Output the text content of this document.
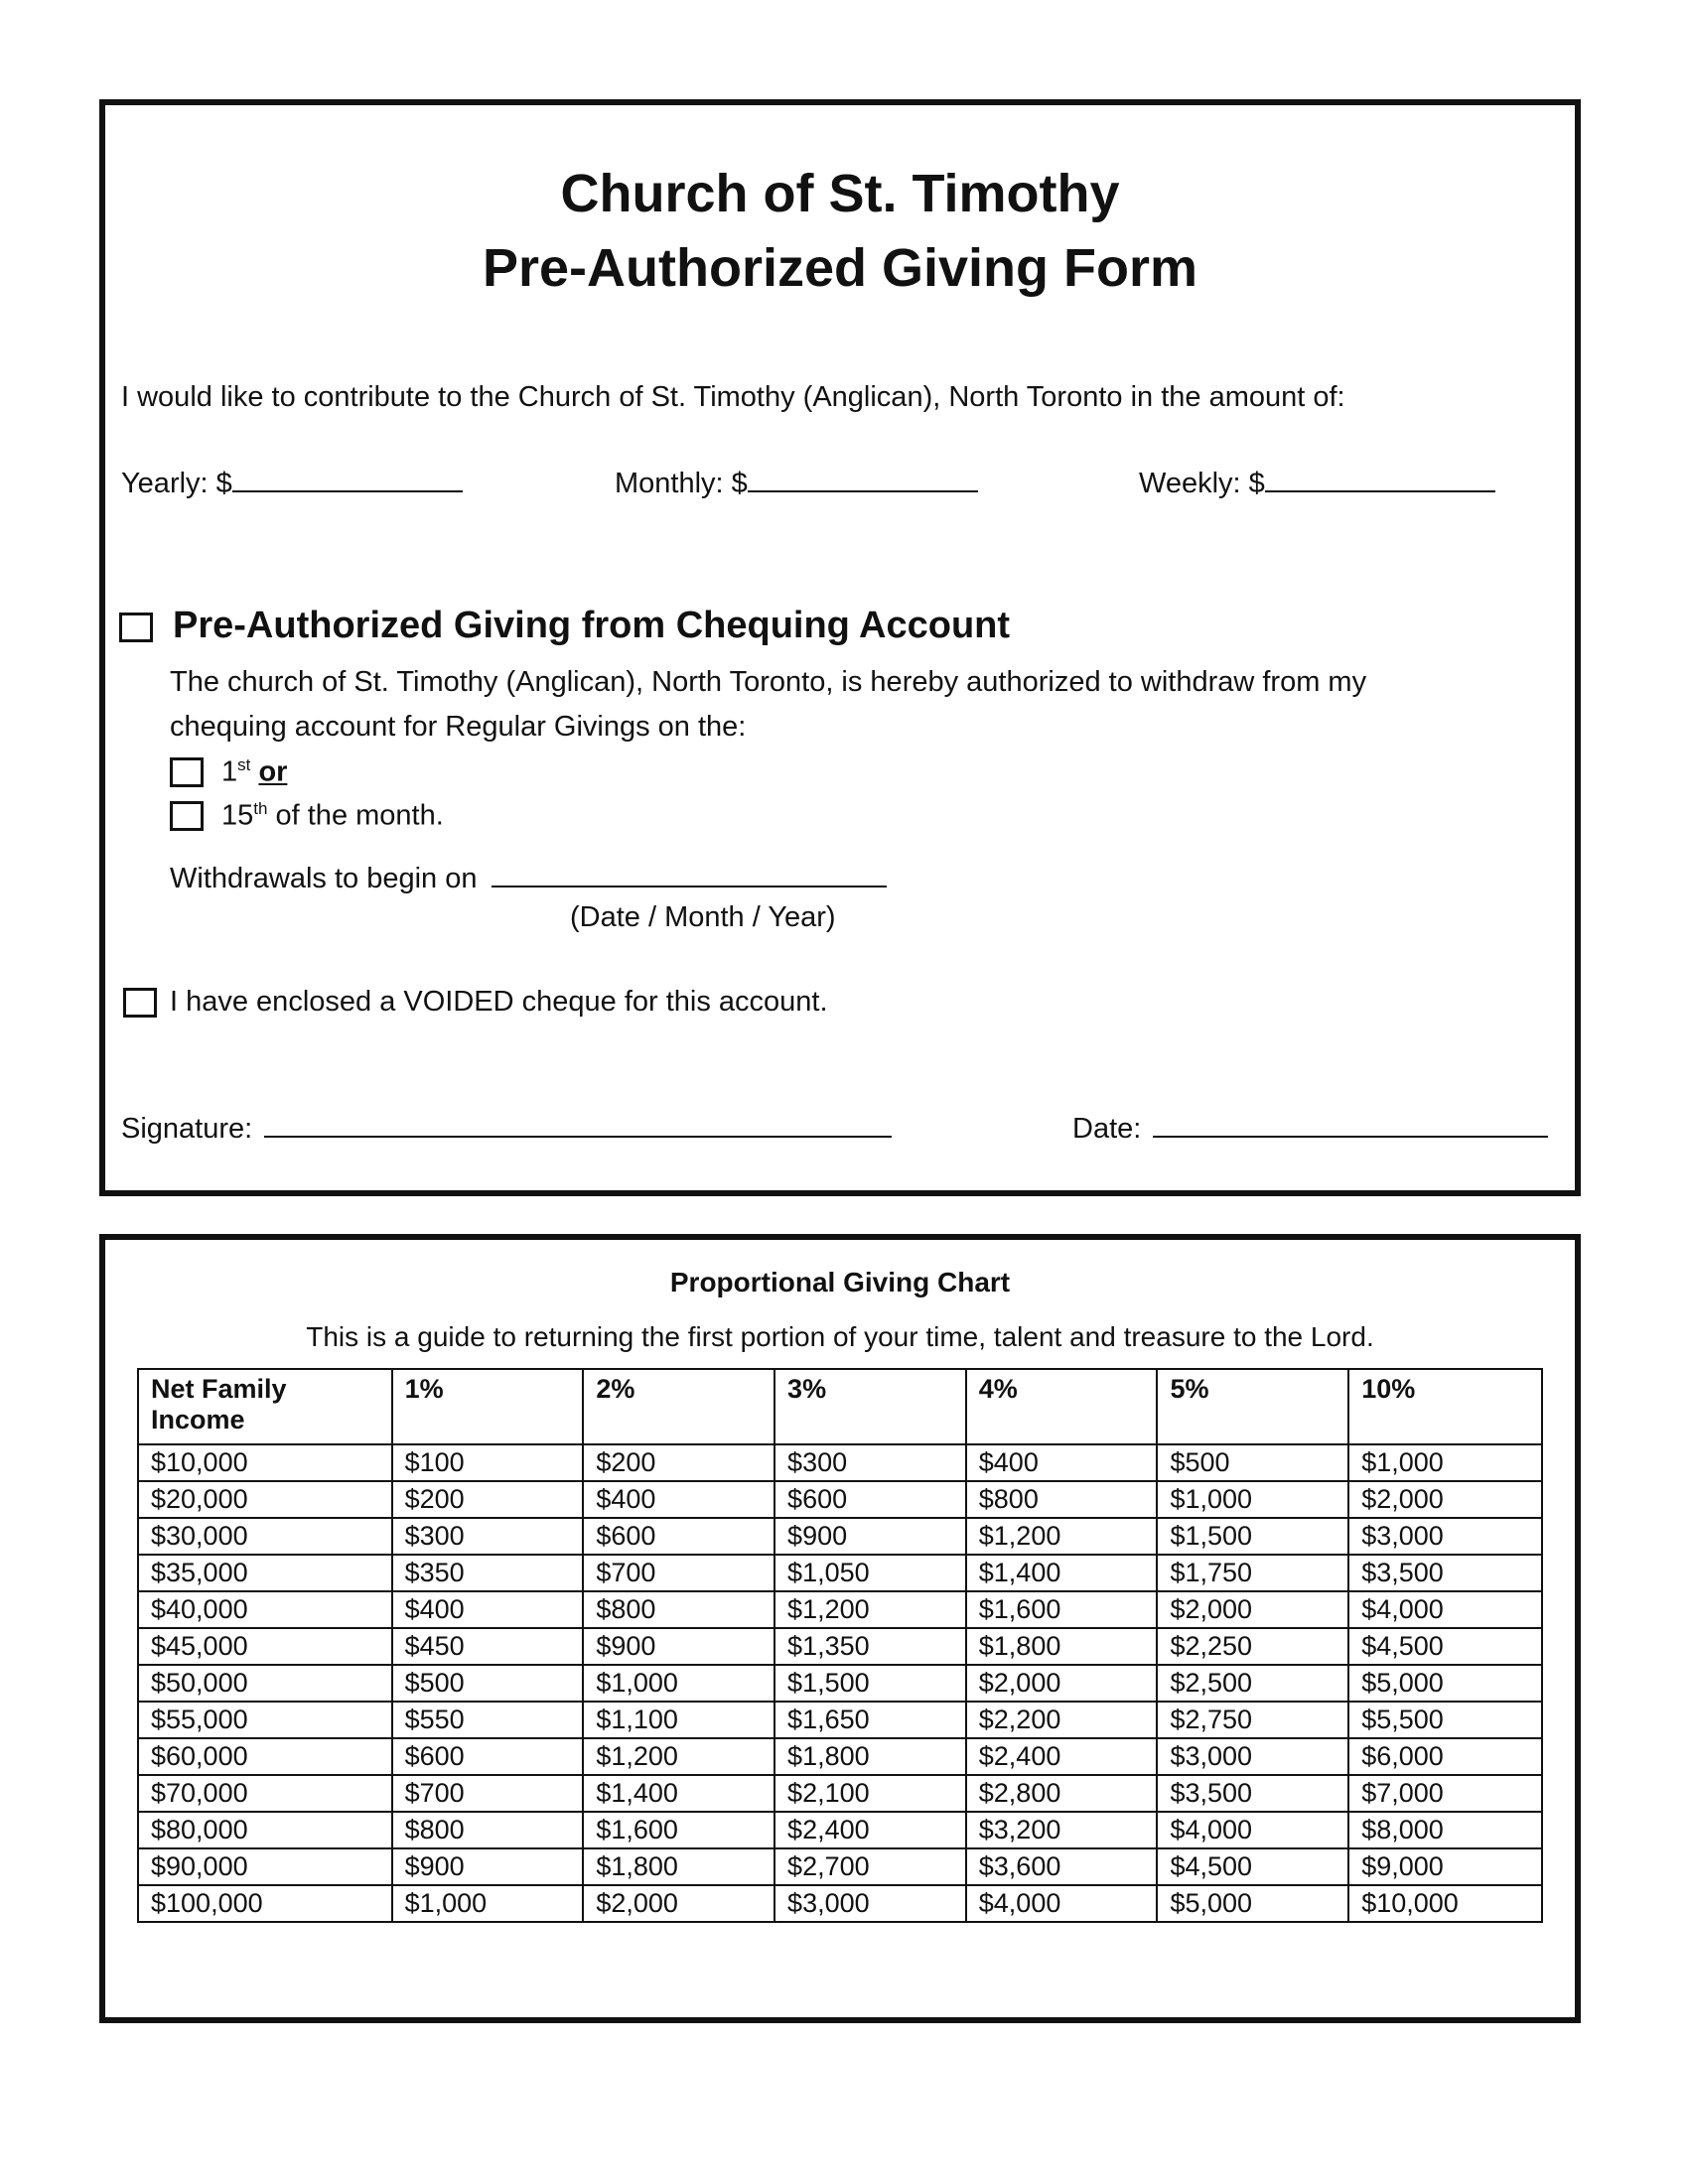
Church of St. Timothy
Pre-Authorized Giving Form
I would like to contribute to the Church of St. Timothy (Anglican), North Toronto in the amount of:
Yearly: $	Monthly: $	Weekly: $
Pre-Authorized Giving from Chequing Account
The church of St. Timothy (Anglican), North Toronto, is hereby authorized to withdraw from my
chequing account for Regular Givings on the:
1st or
15th of the month.
Withdrawals to begin on
(Date / Month / Year)
I have enclosed a VOIDED cheque for this account.
Signature:	Date:
Proportional Giving Chart
This is a guide to returning the first portion of your time, talent and treasure to the Lord.
Net Family Income	1%	2%	3%	4%	5%	10%
$10,000	$100	$200	$300	$400	$500	$1,000
$20,000	$200	$400	$600	$800	$1,000	$2,000
$30,000	$300	$600	$900	$1,200	$1,500	$3,000
$35,000	$350	$700	$1,050	$1,400	$1,750	$3,500
$40,000	$400	$800	$1,200	$1,600	$2,000	$4,000
$45,000	$450	$900	$1,350	$1,800	$2,250	$4,500
$50,000	$500	$1,000	$1,500	$2,000	$2,500	$5,000
$55,000	$550	$1,100	$1,650	$2,200	$2,750	$5,500
$60,000	$600	$1,200	$1,800	$2,400	$3,000	$6,000
$70,000	$700	$1,400	$2,100	$2,800	$3,500	$7,000
$80,000	$800	$1,600	$2,400	$3,200	$4,000	$8,000
$90,000	$900	$1,800	$2,700	$3,600	$4,500	$9,000
$100,000	$1,000	$2,000	$3,000	$4,000	$5,000	$10,000
